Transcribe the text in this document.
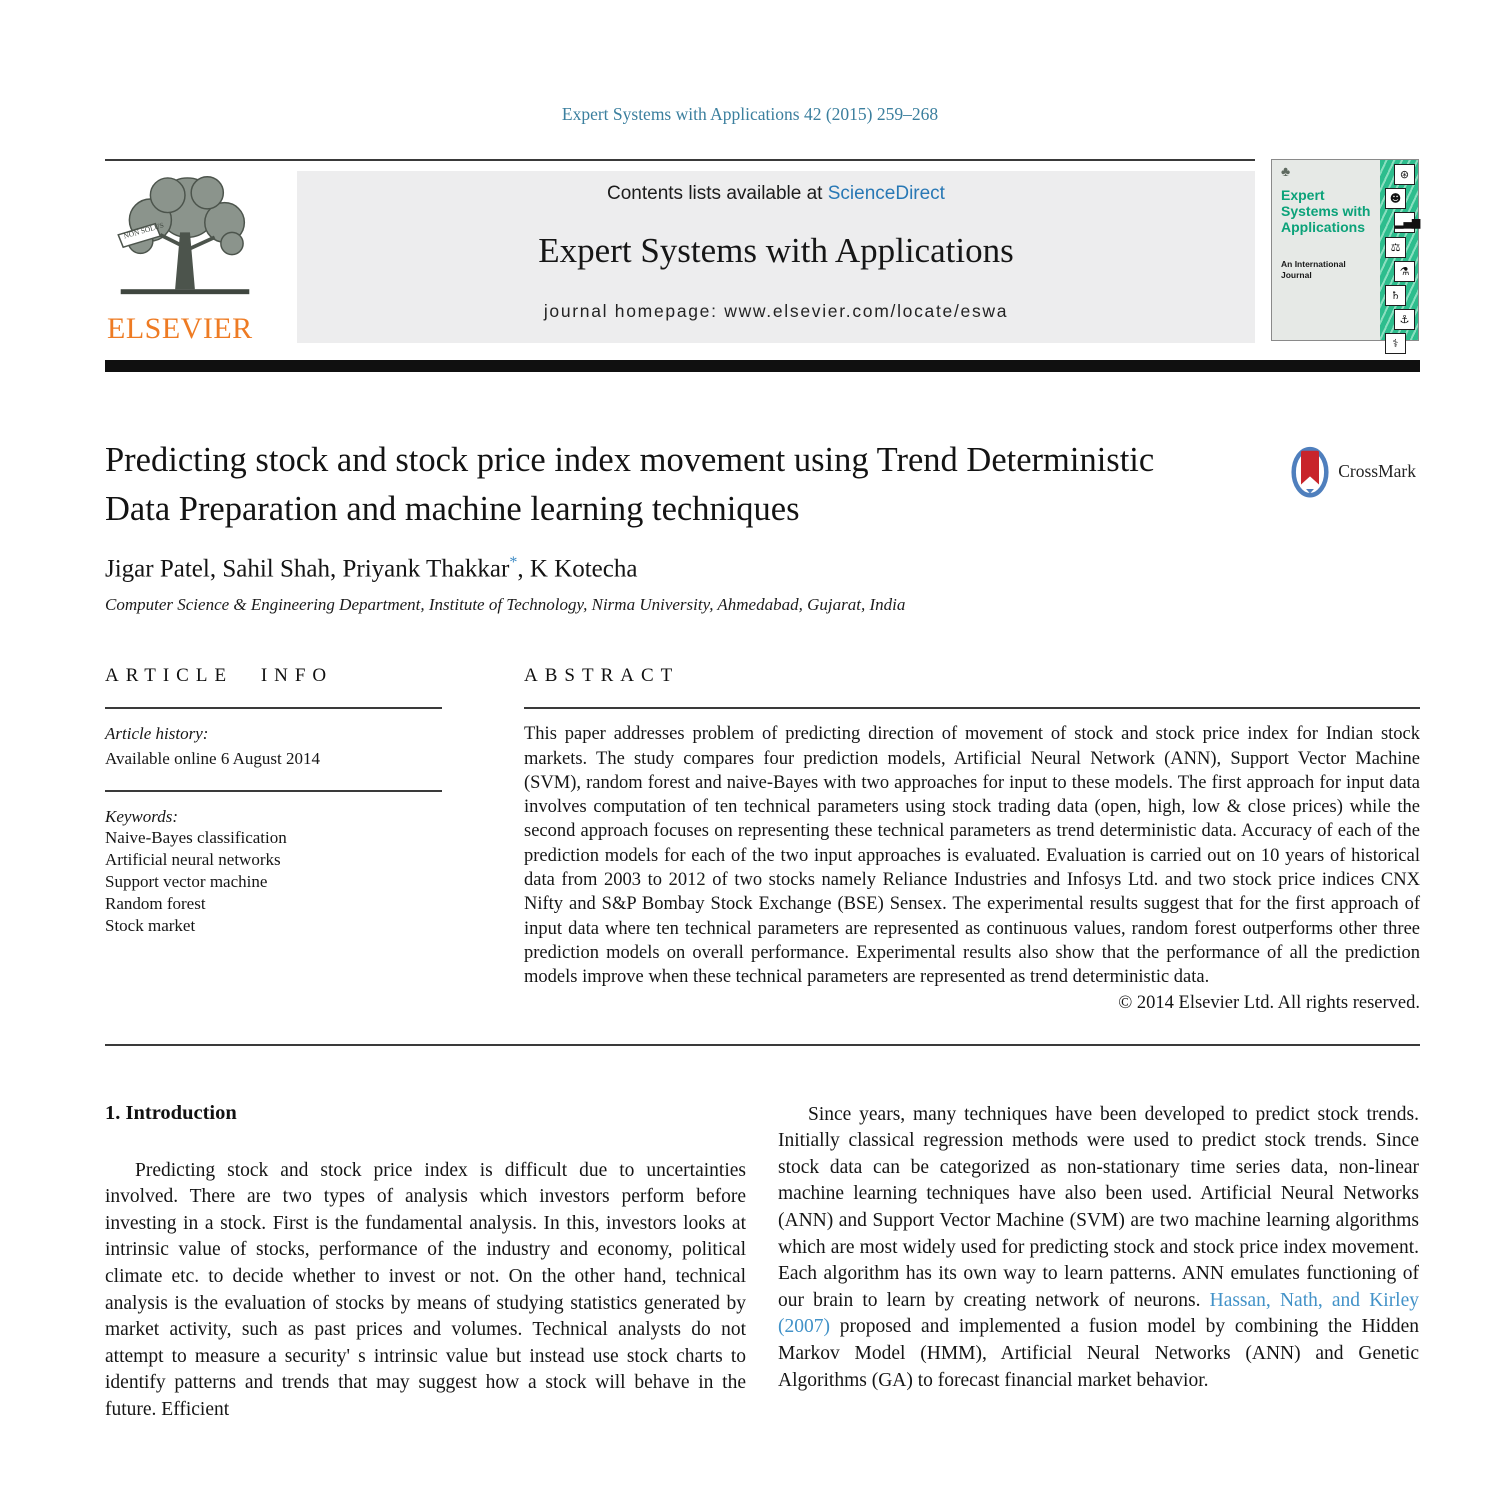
Expert Systems with Applications 42 (2015) 259–268
NON SOLUS
ELSEVIER
Contents lists available at ScienceDirect
Expert Systems with Applications
journal homepage: www.elsevier.com/locate/eswa
♣
Expert Systems with Applications
An International Journal
⊛
☻
▂▄▆
⚖
⚗
♄
⚓
⚕
Predicting stock and stock price index movement using Trend Deterministic Data Preparation and machine learning techniques
CrossMark
Jigar Patel, Sahil Shah, Priyank Thakkar*, K Kotecha
Computer Science & Engineering Department, Institute of Technology, Nirma University, Ahmedabad, Gujarat, India
ARTICLE INFO
Article history:
Available online 6 August 2014
Keywords:
Naive-Bayes classification
Artificial neural networks
Support vector machine
Random forest
Stock market
ABSTRACT
This paper addresses problem of predicting direction of movement of stock and stock price index for Indian stock markets. The study compares four prediction models, Artificial Neural Network (ANN), Support Vector Machine (SVM), random forest and naive-Bayes with two approaches for input to these models. The first approach for input data involves computation of ten technical parameters using stock trading data (open, high, low & close prices) while the second approach focuses on representing these technical parameters as trend deterministic data. Accuracy of each of the prediction models for each of the two input approaches is evaluated. Evaluation is carried out on 10 years of historical data from 2003 to 2012 of two stocks namely Reliance Industries and Infosys Ltd. and two stock price indices CNX Nifty and S&P Bombay Stock Exchange (BSE) Sensex. The experimental results suggest that for the first approach of input data where ten technical parameters are represented as continuous values, random forest outperforms other three prediction models on overall performance. Experimental results also show that the performance of all the prediction models improve when these technical parameters are represented as trend deterministic data.
© 2014 Elsevier Ltd. All rights reserved.
1. Introduction

Predicting stock and stock price index is difficult due to uncertainties involved. There are two types of analysis which investors perform before investing in a stock. First is the fundamental analysis. In this, investors looks at intrinsic value of stocks, performance of the industry and economy, political climate etc. to decide whether to invest or not. On the other hand, technical analysis is the evaluation of stocks by means of studying statistics generated by market activity, such as past prices and volumes. Technical analysts do not attempt to measure a security' s intrinsic value but instead use stock charts to identify patterns and trends that may suggest how a stock will behave in the future. Efficient

Since years, many techniques have been developed to predict stock trends. Initially classical regression methods were used to predict stock trends. Since stock data can be categorized as non-stationary time series data, non-linear machine learning techniques have also been used. Artificial Neural Networks (ANN) and Support Vector Machine (SVM) are two machine learning algorithms which are most widely used for predicting stock and stock price index movement. Each algorithm has its own way to learn patterns. ANN emulates functioning of our brain to learn by creating network of neurons. Hassan, Nath, and Kirley (2007) proposed and implemented a fusion model by combining the Hidden Markov Model (HMM), Artificial Neural Networks (ANN) and Genetic Algorithms (GA) to forecast financial market behavior.
